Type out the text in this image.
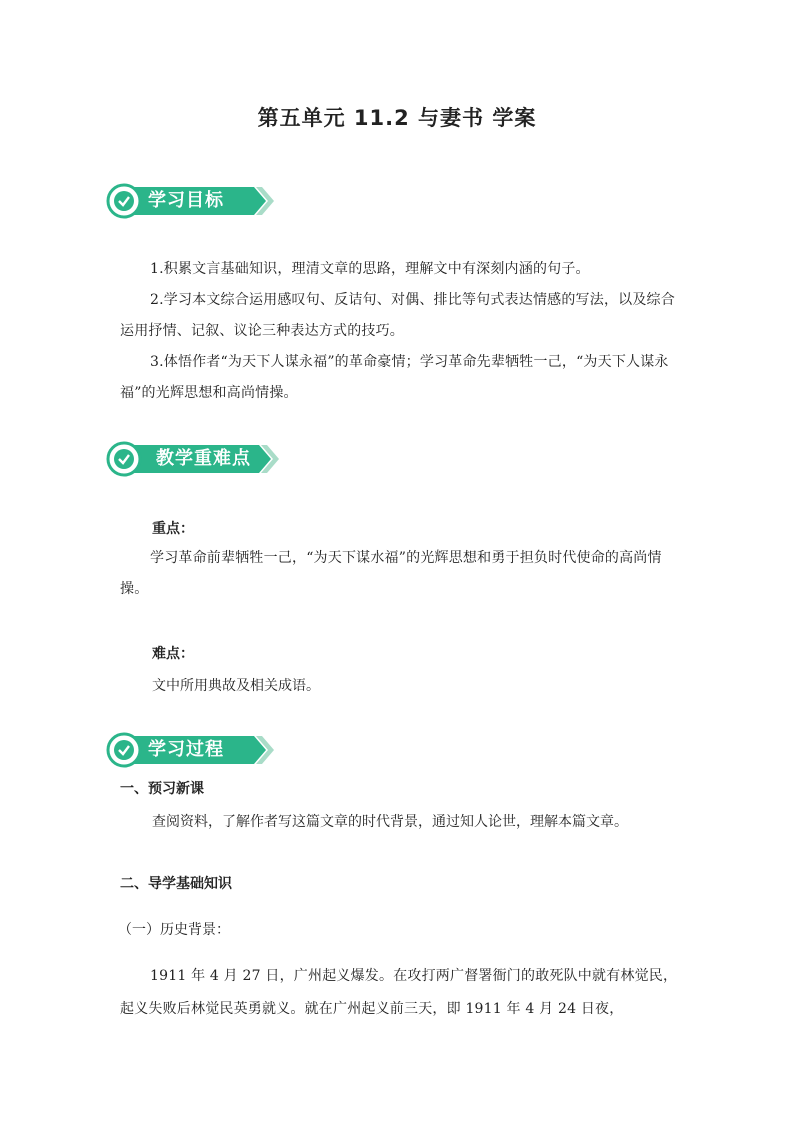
第五单元 11.2 与妻书 学案
学习目标
1.积累文言基础知识，理清文章的思路，理解文中有深刻内涵的句子。
2.学习本文综合运用感叹句、反诘句、对偶、排比等句式表达情感的写法，以及综合运用抒情、记叙、议论三种表达方式的技巧。
3.体悟作者“为天下人谋永福”的革命豪情；学习革命先辈牺牲一己，“为天下人谋永福”的光辉思想和高尚情操。
教学重难点
重点：
学习革命前辈牺牲一己，“为天下谋水福”的光辉思想和勇于担负时代使命的高尚情操。
难点：
文中所用典故及相关成语。
学习过程
一、预习新课
查阅资料，了解作者写这篇文章的时代背景，通过知人论世，理解本篇文章。
二、导学基础知识
（一）历史背景：
1911 年 4 月 27 日，广州起义爆发。在攻打两广督署衙门的敢死队中就有林觉民，起义失败后林觉民英勇就义。就在广州起义前三天，即 1911 年 4 月 24 日夜，
